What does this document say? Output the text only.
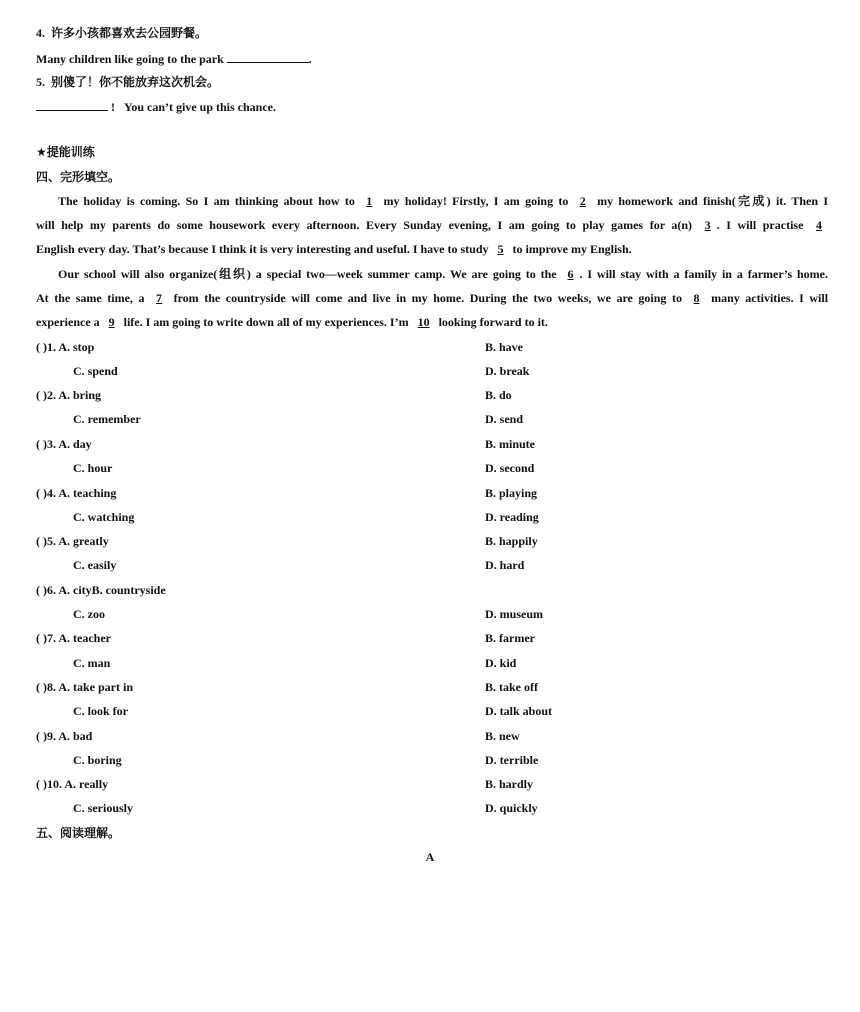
4. 许多小孩都喜欢去公园野餐。
Many children like going to the park	.
5. 别傻了！你不能放弃这次机会。
! You can’t give up this chance.
★提能训练
四、完形填空。
The holiday is coming. So I am thinking about how to 1 my holiday! Firstly, I am going to 2 my homework and finish(完成) it. Then I
will help my parents do some housework every afternoon. Every Sunday evening, I am going to play games for a(n) 3 . I will practise 4
English every day. That’s because I think it is very interesting and useful. I have to study 5 to improve my English.
Our school will also organize(组织) a special two—week summer camp. We are going to the 6 . I will stay with a family in a farmer’s home.
At the same time, a 7 from the countryside will come and live in my home. During the two weeks, we are going to 8 many activities. I will
experience a 9 life. I am going to write down all of my experiences. I’m 10 looking forward to it.
( )1. A. stop	B. have
C. spend	D. break
( )2. A. bring	B. do
C. remember	D. send
( )3. A. day	B. minute
C. hour	D. second
( )4. A. teaching	B. playing
C. watching	D. reading
( )5. A. greatly	B. happily
C. easily	D. hard
( )6. A. cityB. countryside
C. zoo	D. museum
( )7. A. teacher	B. farmer
C. man	D. kid
( )8. A. take part in	B. take off
C. look for	D. talk about
( )9. A. bad	B. new
C. boring	D. terrible
( )10. A. really	B. hardly
C. seriously	D. quickly
五、阅读理解。
A
